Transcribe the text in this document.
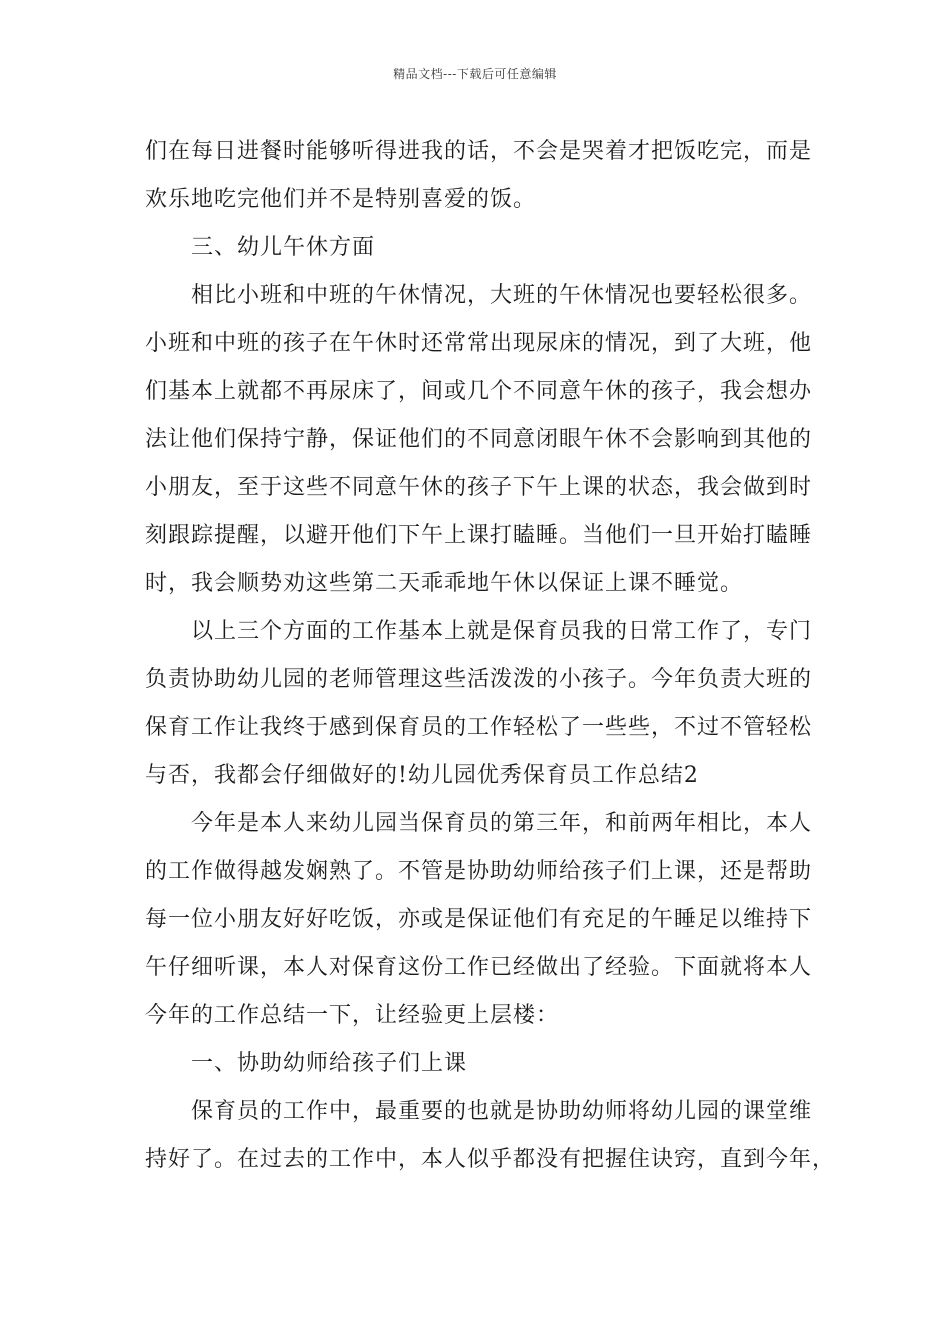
精品文档---下载后可任意编辑
们在每日进餐时能够听得进我的话，不会是哭着才把饭吃完，而是
欢乐地吃完他们并不是特别喜爱的饭。
三、幼儿午休方面
相比小班和中班的午休情况，大班的午休情况也要轻松很多。
小班和中班的孩子在午休时还常常出现尿床的情况，到了大班，他
们基本上就都不再尿床了，间或几个不同意午休的孩子，我会想办
法让他们保持宁静，保证他们的不同意闭眼午休不会影响到其他的
小朋友，至于这些不同意午休的孩子下午上课的状态，我会做到时
刻跟踪提醒，以避开他们下午上课打瞌睡。当他们一旦开始打瞌睡
时，我会顺势劝这些第二天乖乖地午休以保证上课不睡觉。
以上三个方面的工作基本上就是保育员我的日常工作了，专门
负责协助幼儿园的老师管理这些活泼泼的小孩子。今年负责大班的
保育工作让我终于感到保育员的工作轻松了一些些，不过不管轻松
与否，我都会仔细做好的!幼儿园优秀保育员工作总结2
今年是本人来幼儿园当保育员的第三年，和前两年相比，本人
的工作做得越发娴熟了。不管是协助幼师给孩子们上课，还是帮助
每一位小朋友好好吃饭，亦或是保证他们有充足的午睡足以维持下
午仔细听课，本人对保育这份工作已经做出了经验。下面就将本人
今年的工作总结一下，让经验更上层楼：
一、协助幼师给孩子们上课
保育员的工作中，最重要的也就是协助幼师将幼儿园的课堂维
持好了。在过去的工作中，本人似乎都没有把握住诀窍，直到今年，
